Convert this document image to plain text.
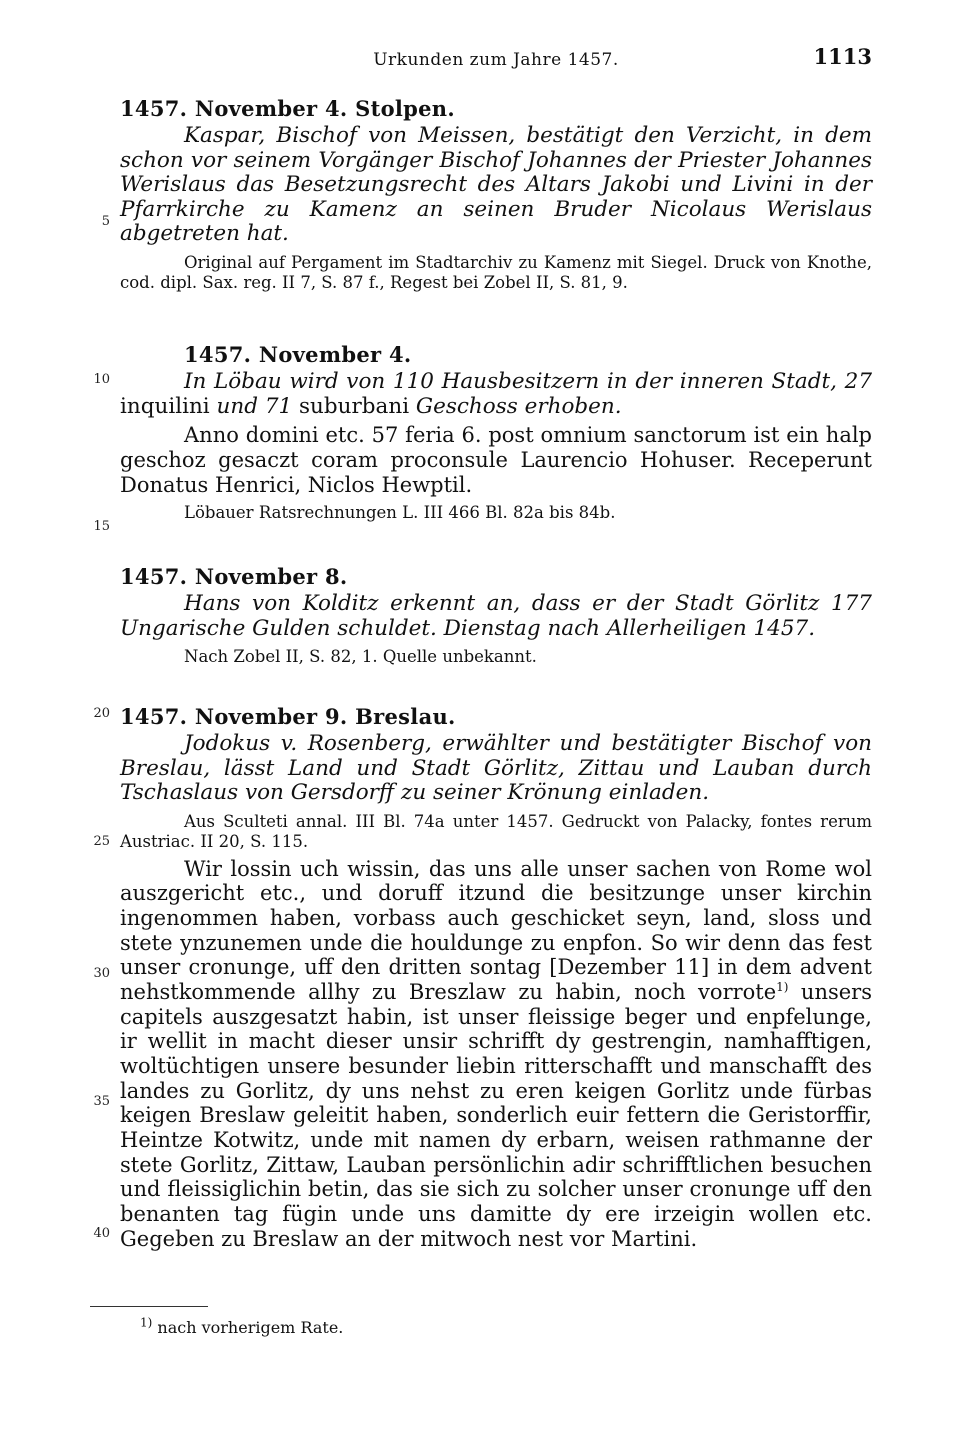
Urkunden zum Jahre 1457.	1113
5
10
15
20
25
30
35
40
1457. November 4. Stolpen.

Kaspar, Bischof von Meissen, bestätigt den Verzicht, in dem schon vor seinem Vorgänger Bischof Johannes der Priester Johannes Werislaus das Besetzungsrecht des Altars Jakobi und Livini in der Pfarrkirche zu Kamenz an seinen Bruder Nicolaus Werislaus abgetreten hat.

Original auf Pergament im Stadtarchiv zu Kamenz mit Siegel. Druck von Knothe, cod. dipl. Sax. reg. II 7, S. 87 f., Regest bei Zobel II, S. 81, 9.

1457. November 4.

In Löbau wird von 110 Hausbesitzern in der inneren Stadt, 27 inquilini und 71 suburbani Geschoss erhoben.

Anno domini etc. 57 feria 6. post omnium sanctorum ist ein halp geschoz gesaczt coram proconsule Laurencio Hohuser. Receperunt Donatus Henrici, Niclos Hewptil.

Löbauer Ratsrechnungen L. III 466 Bl. 82a bis 84b.

1457. November 8.

Hans von Kolditz erkennt an, dass er der Stadt Görlitz 177 Ungarische Gulden schuldet. Dienstag nach Allerheiligen 1457.

Nach Zobel II, S. 82, 1. Quelle unbekannt.

1457. November 9. Breslau.

Jodokus v. Rosenberg, erwählter und bestätigter Bischof von Breslau, lässt Land und Stadt Görlitz, Zittau und Lauban durch Tschaslaus von Gersdorff zu seiner Krönung einladen.

Aus Sculteti annal. III Bl. 74a unter 1457. Gedruckt von Palacky, fontes rerum Austriac. II 20, S. 115.

Wir lossin uch wissin, das uns alle unser sachen von Rome wol auszgericht etc., und doruff itzund die besitzunge unser kirchin ingenommen haben, vorbass auch geschicket seyn, land, sloss und stete ynzunemen unde die houldunge zu enpfon. So wir denn das fest unser cronunge, uff den dritten sontag [Dezember 11] in dem advent nehstkommende allhy zu Breszlaw zu habin, noch vorrote$^{1)}$ unsers capitels auszgesatzt habin, ist unser fleissige beger und enpfelunge, ir wellit in macht dieser unsir schrifft dy gestrengin, namhafftigen, woltüchtigen unsere besunder liebin ritterschafft und manschafft des landes zu Gorlitz, dy uns nehst zu eren keigen Gorlitz unde fürbas keigen Breslaw geleitit haben, sonderlich euir fettern die Geristorffir, Heintze Kotwitz, unde mit namen dy erbarn, weisen rathmanne der stete Gorlitz, Zittaw, Lauban persönlichin adir schrifftlichen besuchen und fleissiglichin betin, das sie sich zu solcher unser cronunge uff den benanten tag fügin unde uns damitte dy ere irzeigin wollen etc. Gegeben zu Breslaw an der mitwoch nest vor Martini.

$^{1)}$ nach vorherigem Rate.
